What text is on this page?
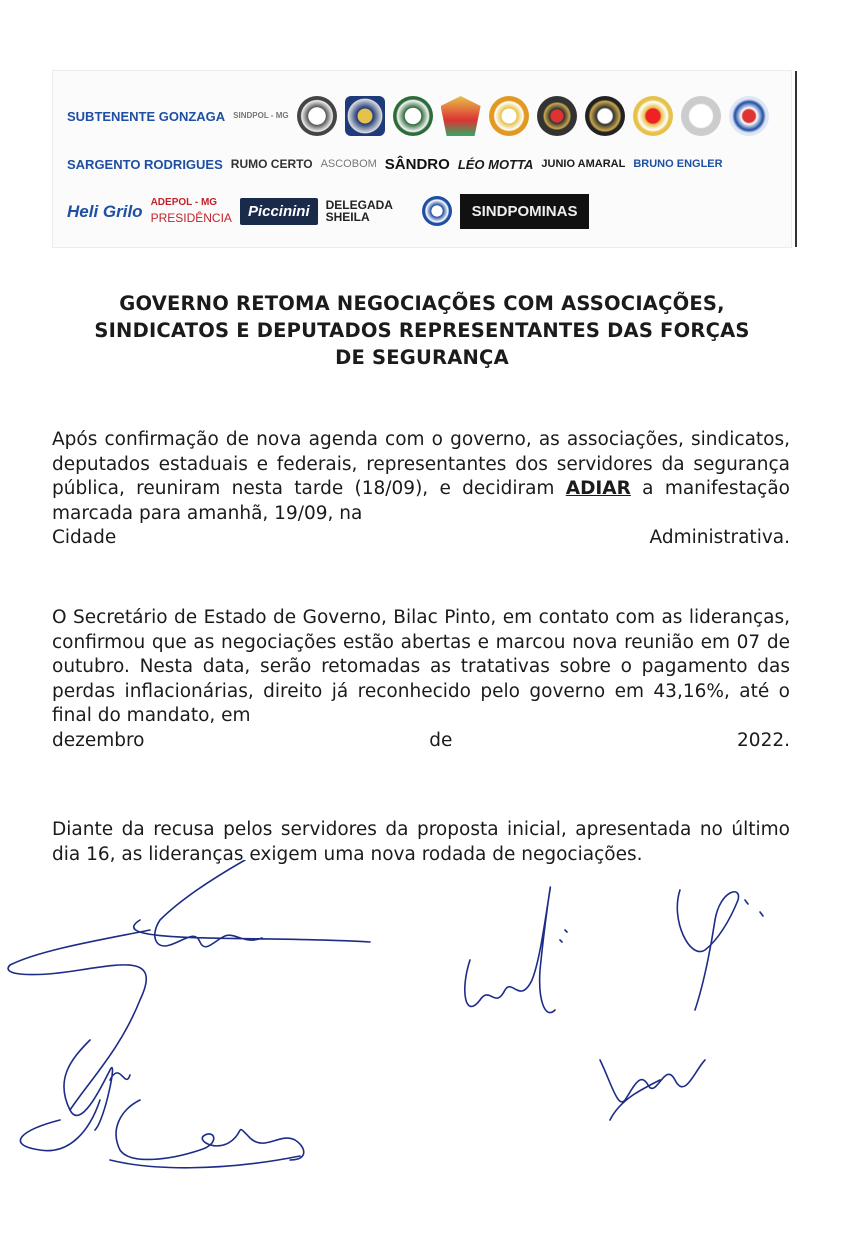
SUBTENENTE GONZAGA SINDPOL - MG
SARGENTO RODRIGUES RUMO CERTO ASCOBOM SÂNDRO LÉO MOTTA JUNIO AMARAL BRUNO ENGLER
Heli Grilo ADEPOL - MG
PRESIDÊNCIA	Piccinini	DELEGADA SHEILA	SINDPOMINAS
GOVERNO RETOMA NEGOCIAÇÕES COM ASSOCIAÇÕES,
SINDICATOS E DEPUTADOS REPRESENTANTES DAS FORÇAS
DE SEGURANÇA
Após confirmação de nova agenda com o governo, as associações, sindicatos, deputados estaduais e federais, representantes dos servidores da segurança pública, reuniram nesta tarde (18/09), e decidiram ADIAR a manifestação marcada para amanhã, 19/09, na
Cidade	Administrativa.
O Secretário de Estado de Governo, Bilac Pinto, em contato com as lideranças, confirmou que as negociações estão abertas e marcou nova reunião em 07 de outubro. Nesta data, serão retomadas as tratativas sobre o pagamento das perdas inflacionárias, direito já reconhecido pelo governo em 43,16%, até o final do mandato, em
dezembro	de	2022.
Diante da recusa pelos servidores da proposta inicial, apresentada no último dia 16, as lideranças exigem uma nova rodada de negociações.
